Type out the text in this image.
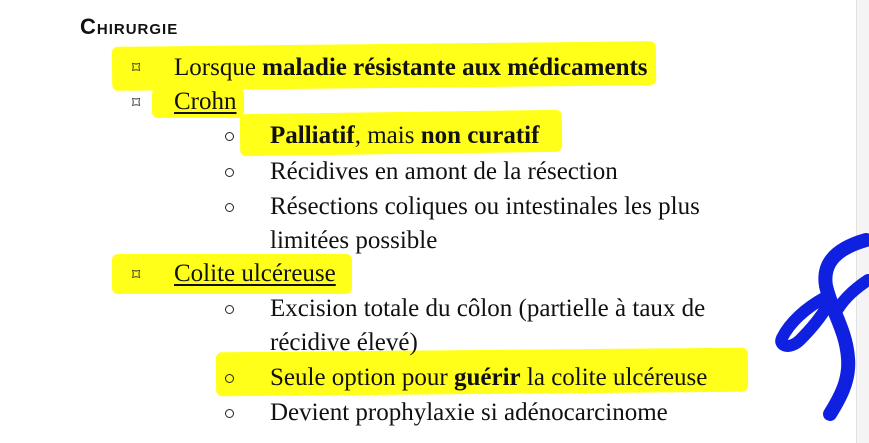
Chirurgie
⌑ Lorsque maladie résistante aux médicaments
⌑ Crohn
Palliatif, mais non curatif
Récidives en amont de la résection
Résections coliques ou intestinales les plus
limitées possible
⌑ Colite ulcéreuse
Excision totale du côlon (partielle à taux de
récidive élevé)
Seule option pour guérir la colite ulcéreuse
Devient prophylaxie si adénocarcinome
